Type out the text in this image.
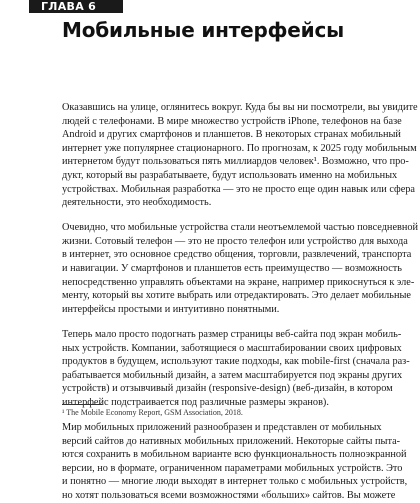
ГЛАВА 6
Мобильные интерфейсы
Оказавшись на улице, оглянитесь вокруг. Куда бы вы ни посмотрели, вы увидите
людей с телефонами. В мире множество устройств iPhone, телефонов на базе
Android и других смартфонов и планшетов. В некоторых странах мобильный
интернет уже популярнее стационарного. По прогнозам, к 2025 году мобильным
интернетом будут пользоваться пять миллиардов человек¹. Возможно, что про-
дукт, который вы разрабатываете, будут использовать именно на мобильных
устройствах. Мобильная разработка — это не просто еще один навык или сфера
деятельности, это необходимость.
Очевидно, что мобильные устройства стали неотъемлемой частью повседневной
жизни. Сотовый телефон — это не просто телефон или устройство для выхода
в интернет, это основное средство общения, торговли, развлечений, транспорта
и навигации. У смартфонов и планшетов есть преимущество — возможность
непосредственно управлять объектами на экране, например прикоснуться к эле-
менту, который вы хотите выбрать или отредактировать. Это делает мобильные
интерфейсы простыми и интуитивно понятными.
Теперь мало просто подогнать размер страницы веб-сайта под экран мобиль-
ных устройств. Компании, заботящиеся о масштабировании своих цифровых
продуктов в будущем, используют такие подходы, как mobile-first (сначала раз-
рабатывается мобильный дизайн, а затем масштабируется под экраны других
устройств) и отзывчивый дизайн (responsive-design) (веб-дизайн, в котором
интерфейс подстраивается под различные размеры экранов).
Мир мобильных приложений разнообразен и представлен от мобильных
версий сайтов до нативных мобильных приложений. Некоторые сайты пыта-
ются сохранить в мобильном варианте всю функциональность полноэкранной
версии, но в формате, ограниченном параметрами мобильных устройств. Это
и понятно — многие люди выходят в интернет только с мобильных устройств,
но хотят пользоваться всеми возможностями «больших» сайтов. Вы можете
¹ The Mobile Economy Report, GSM Association, 2018.
